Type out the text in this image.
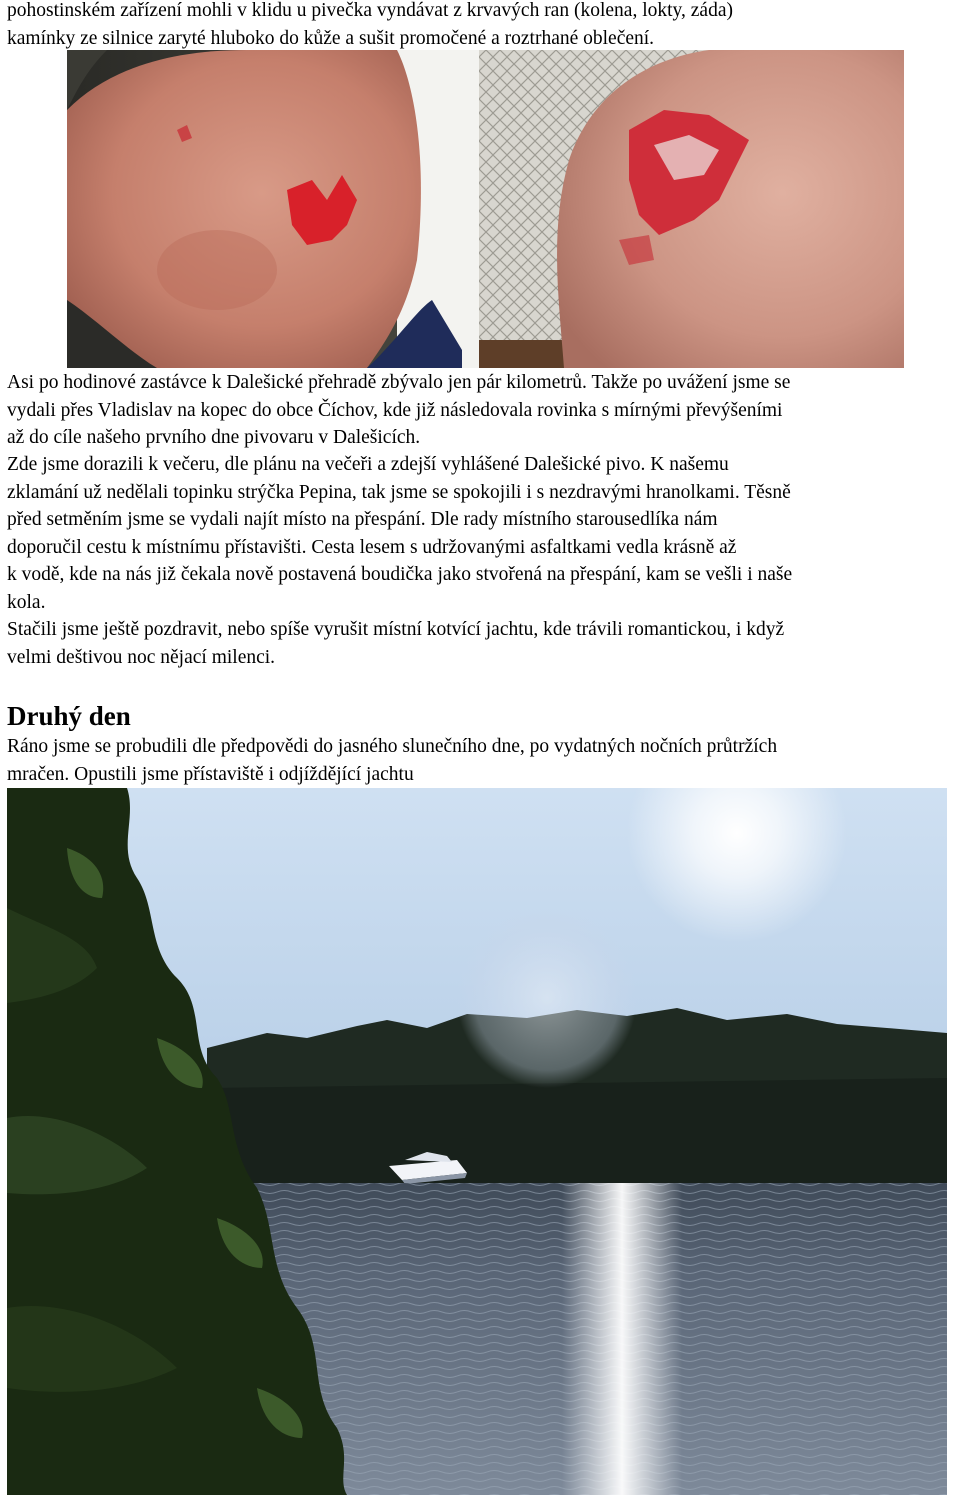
pohostinském zařízení mohli v klidu u pivečka vyndávat z krvavých ran (kolena, lokty, záda)
kamínky ze silnice zaryté hluboko do kůže a sušit promočené a roztrhané oblečení.

Asi po hodinové zastávce k Dalešické přehradě zbývalo jen pár kilometrů. Takže po uvážení jsme se
vydali přes Vladislav na kopec do obce Číchov, kde již následovala rovinka s mírnými převýšeními
až do cíle našeho prvního dne pivovaru v Dalešicích.

Zde jsme dorazili k večeru, dle plánu na večeři a zdejší vyhlášené Dalešické pivo. K našemu
zklamání už nedělali topinku strýčka Pepina, tak jsme se spokojili i s nezdravými hranolkami. Těsně
před setměním jsme se vydali najít místo na přespání. Dle rady místního starousedlíka nám
doporučil cestu k místnímu přístavišti. Cesta lesem s udržovanými asfaltkami vedla krásně až
k vodě, kde na nás již čekala nově postavená boudička jako stvořená na přespání, kam se vešli i naše
kola.

Stačili jsme ještě pozdravit, nebo spíše vyrušit místní kotvící jachtu, kde trávili romantickou, i když
velmi deštivou noc nějací milenci.

Druhý den

Ráno jsme se probudili dle předpovědi do jasného slunečního dne, po vydatných nočních průtržích
mračen. Opustili jsme přístaviště i odjíždějící jachtu
